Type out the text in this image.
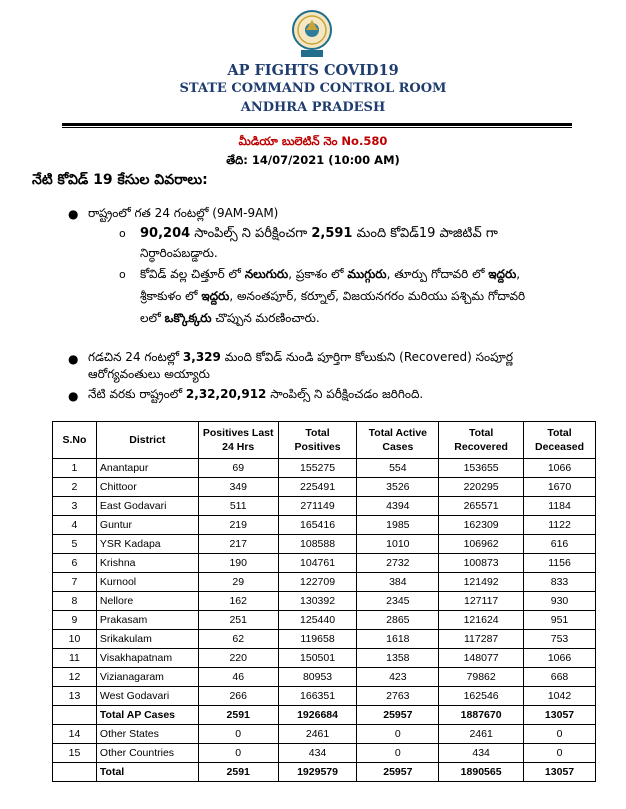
AP FIGHTS COVID19
STATE COMMAND CONTROL ROOM
ANDHRA PRADESH
మీడియా బులెటిన్ నెం No.580
తేది: 14/07/2021 (10:00 AM)
నేటి కోవిడ్ 19 కేసుల వివరాలు:
● రాష్ట్రంలో గత 24 గంటల్లో (9AM-9AM)
o 90,204 సాంపిల్స్ ని పరీక్షించగా 2,591 మంది కోవిడ్19 పాజిటివ్ గా
నిర్ధారింపబడ్డారు.
o కోవిడ్ వల్ల చిత్తూర్ లో నలుగురు, ప్రకాశం లో ముగ్గురు, తూర్పు గోదావరి లో ఇద్దరు,
శ్రీకాకుళం లో ఇద్దరు, అనంతపూర్, కర్నూల్, విజయనగరం మరియు పశ్చిమ గోదావరి
లలో ఒక్కొక్కరు చొప్పున మరణించారు.
● గడచిన 24 గంటల్లో 3,329 మంది కోవిడ్ నుండి పూర్తిగా కోలుకుని (Recovered) సంపూర్ణ
ఆరోగ్యవంతులు అయ్యారు
● నేటి వరకు రాష్ట్రంలో 2,32,20,912 సాంపిల్స్ ని పరీక్షించడం జరిగింది.
S.No	District	Positives Last 24 Hrs	Total Positives	Total Active Cases	Total Recovered	Total Deceased
1	Anantapur	69	155275	554	153655	1066
2	Chittoor	349	225491	3526	220295	1670
3	East Godavari	511	271149	4394	265571	1184
4	Guntur	219	165416	1985	162309	1122
5	YSR Kadapa	217	108588	1010	106962	616
6	Krishna	190	104761	2732	100873	1156
7	Kurnool	29	122709	384	121492	833
8	Nellore	162	130392	2345	127117	930
9	Prakasam	251	125440	2865	121624	951
10	Srikakulam	62	119658	1618	117287	753
11	Visakhapatnam	220	150501	1358	148077	1066
12	Vizianagaram	46	80953	423	79862	668
13	West Godavari	266	166351	2763	162546	1042
	Total AP Cases	2591	1926684	25957	1887670	13057
14	Other States	0	2461	0	2461	0
15	Other Countries	0	434	0	434	0
	Total	2591	1929579	25957	1890565	13057
